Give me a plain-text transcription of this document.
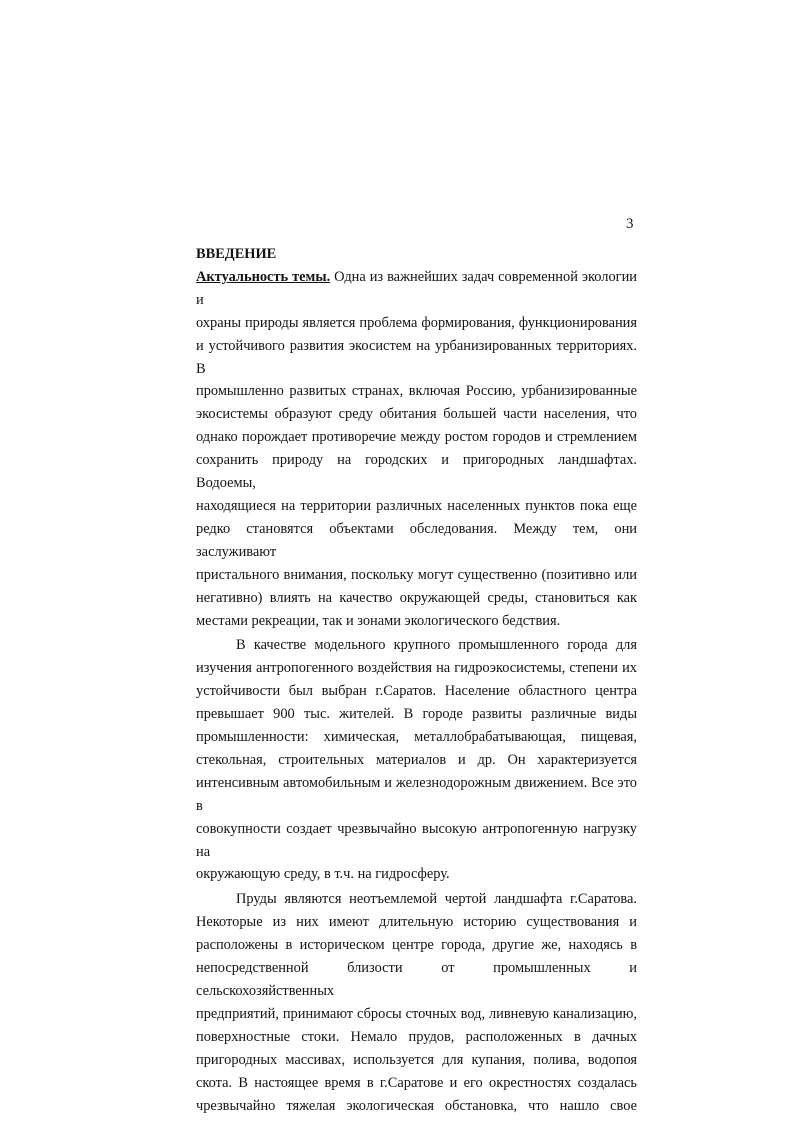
3
ВВЕДЕНИЕ
Актуальность темы. Одна из важнейших задач современной экологии и
охраны природы является проблема формирования, функционирования
и устойчивого развития экосистем на урбанизированных территориях. В
промышленно развитых странах, включая Россию, урбанизированные
экосистемы образуют среду обитания большей части населения, что
однако порождает противоречие между ростом городов и стремлением
сохранить природу на городских и пригородных ландшафтах. Водоемы,
находящиеся на территории различных населенных пунктов пока еще
редко становятся объектами обследования. Между тем, они заслуживают
пристального внимания, поскольку могут существенно (позитивно или
негативно) влиять на качество окружающей среды, становиться как
местами рекреации, так и зонами экологического бедствия.
В качестве модельного крупного промышленного города для
изучения антропогенного воздействия на гидроэкосистемы, степени их
устойчивости был выбран г.Саратов. Население областного центра
превышает 900 тыс. жителей. В городе развиты различные виды
промышленности: химическая, металлобрабатывающая, пищевая,
стекольная, строительных материалов и др. Он характеризуется
интенсивным автомобильным и железнодорожным движением. Все это в
совокупности создает чрезвычайно высокую антропогенную нагрузку на
окружающую среду, в т.ч. на гидросферу.
Пруды являются неотъемлемой чертой ландшафта г.Саратова.
Некоторые из них имеют длительную историю существования и
расположены в историческом центре города, другие же, находясь в
непосредственной близости от промышленных и сельскохозяйственных
предприятий, принимают сбросы сточных вод, ливневую канализацию,
поверхностные стоки. Немало прудов, расположенных в дачных
пригородных массивах, используется для купания, полива, водопоя
скота. В настоящее время в г.Саратове и его окрестностях создалась
чрезвычайно тяжелая экологическая обстановка, что нашло свое
